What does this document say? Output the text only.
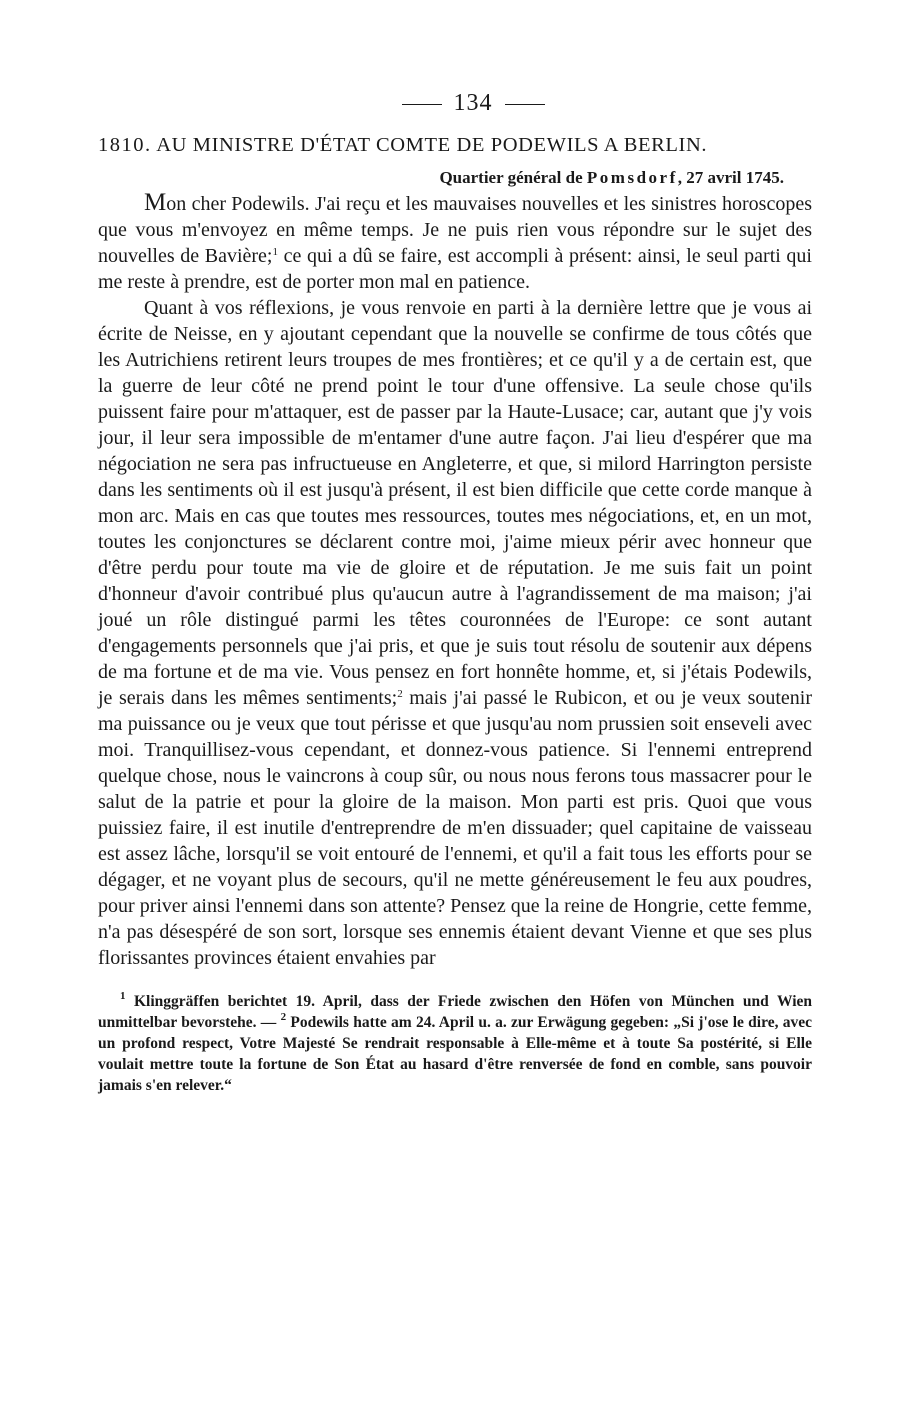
134
1810. AU MINISTRE D'ÉTAT COMTE DE PODEWILS A BERLIN.
Quartier général de Pomsdorf, 27 avril 1745.

Mon cher Podewils. J'ai reçu et les mauvaises nouvelles et les sinistres horoscopes que vous m'envoyez en même temps. Je ne puis rien vous répondre sur le sujet des nouvelles de Bavière;$^1$ ce qui a dû se faire, est accompli à présent: ainsi, le seul parti qui me reste à prendre, est de porter mon mal en patience.

Quant à vos réflexions, je vous renvoie en parti à la dernière lettre que je vous ai écrite de Neisse, en y ajoutant cependant que la nouvelle se confirme de tous côtés que les Autrichiens retirent leurs troupes de mes frontières; et ce qu'il y a de certain est, que la guerre de leur côté ne prend point le tour d'une offensive. La seule chose qu'ils puissent faire pour m'attaquer, est de passer par la Haute-Lusace; car, autant que j'y vois jour, il leur sera impossible de m'entamer d'une autre façon. J'ai lieu d'espérer que ma négociation ne sera pas infructueuse en Angleterre, et que, si milord Harrington persiste dans les sentiments où il est jusqu'à présent, il est bien difficile que cette corde manque à mon arc. Mais en cas que toutes mes ressources, toutes mes négociations, et, en un mot, toutes les conjonctures se déclarent contre moi, j'aime mieux périr avec honneur que d'être perdu pour toute ma vie de gloire et de réputation. Je me suis fait un point d'honneur d'avoir contribué plus qu'aucun autre à l'agrandissement de ma maison; j'ai joué un rôle distingué parmi les têtes couronnées de l'Europe: ce sont autant d'engagements personnels que j'ai pris, et que je suis tout résolu de soutenir aux dépens de ma fortune et de ma vie. Vous pensez en fort honnête homme, et, si j'étais Podewils, je serais dans les mêmes sentiments;$^2$ mais j'ai passé le Rubicon, et ou je veux soutenir ma puissance ou je veux que tout périsse et que jusqu'au nom prussien soit enseveli avec moi. Tranquillisez-vous cependant, et donnez-vous patience. Si l'ennemi entreprend quelque chose, nous le vaincrons à coup sûr, ou nous nous ferons tous massacrer pour le salut de la patrie et pour la gloire de la maison. Mon parti est pris. Quoi que vous puissiez faire, il est inutile d'entreprendre de m'en dissuader; quel capitaine de vaisseau est assez lâche, lorsqu'il se voit entouré de l'ennemi, et qu'il a fait tous les efforts pour se dégager, et ne voyant plus de secours, qu'il ne mette généreusement le feu aux poudres, pour priver ainsi l'ennemi dans son attente? Pensez que la reine de Hongrie, cette femme, n'a pas désespéré de son sort, lorsque ses ennemis étaient devant Vienne et que ses plus florissantes provinces étaient envahies par

$^1$ Klinggräffen berichtet 19. April, dass der Friede zwischen den Höfen von München und Wien unmittelbar bevorstehe. — $^2$ Podewils hatte am 24. April u. a. zur Erwägung gegeben: „Si j'ose le dire, avec un profond respect, Votre Majesté Se rendrait responsable à Elle-même et à toute Sa postérité, si Elle voulait mettre toute la fortune de Son État au hasard d'être renversée de fond en comble, sans pouvoir jamais s'en relever.“
